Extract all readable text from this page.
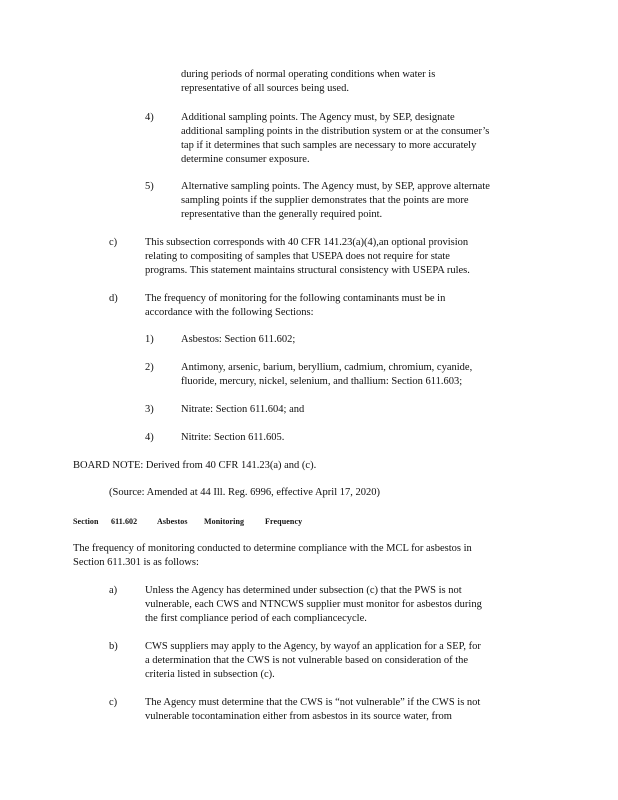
during periods of normal operating conditions when water is
representative of all sources being used.
4)	Additional sampling points. The Agency must, by SEP, designate
additional sampling points in the distribution system or at the consumer’s
tap if it determines that such samples are necessary to more accurately
determine consumer exposure.
5)	Alternative sampling points. The Agency must, by SEP, approve alternate
sampling points if the supplier demonstrates that the points are more
representative than the generally required point.
c)	This subsection corresponds with 40 CFR 141.23(a)(4),an optional provision
relating to compositing of samples that USEPA does not require for state
programs. This statement maintains structural consistency with USEPA rules.
d)	The frequency of monitoring for the following contaminants must be in
accordance with the following Sections:
1)	Asbestos: Section 611.602;
2)	Antimony, arsenic, barium, beryllium, cadmium, chromium, cyanide,
fluoride, mercury, nickel, selenium, and thallium: Section 611.603;
3)	Nitrate: Section 611.604; and
4)	Nitrite: Section 611.605.
BOARD NOTE: Derived from 40 CFR 141.23(a) and (c).
(Source: Amended at 44 Ill. Reg. 6996, effective April 17, 2020)
Section 611.602 Asbestos Monitoring	Frequency
The frequency of monitoring conducted to determine compliance with the MCL for asbestos in
Section 611.301 is as follows:
a)	Unless the Agency has determined under subsection (c) that the PWS is not
vulnerable, each CWS and NTNCWS supplier must monitor for asbestos during
the first compliance period of each compliancecycle.
b)	CWS suppliers may apply to the Agency, by wayof an application for a SEP, for
a determination that the CWS is not vulnerable based on consideration of the
criteria listed in subsection (c).
c)	The Agency must determine that the CWS is “not vulnerable” if the CWS is not
vulnerable tocontamination either from asbestos in its source water, from
